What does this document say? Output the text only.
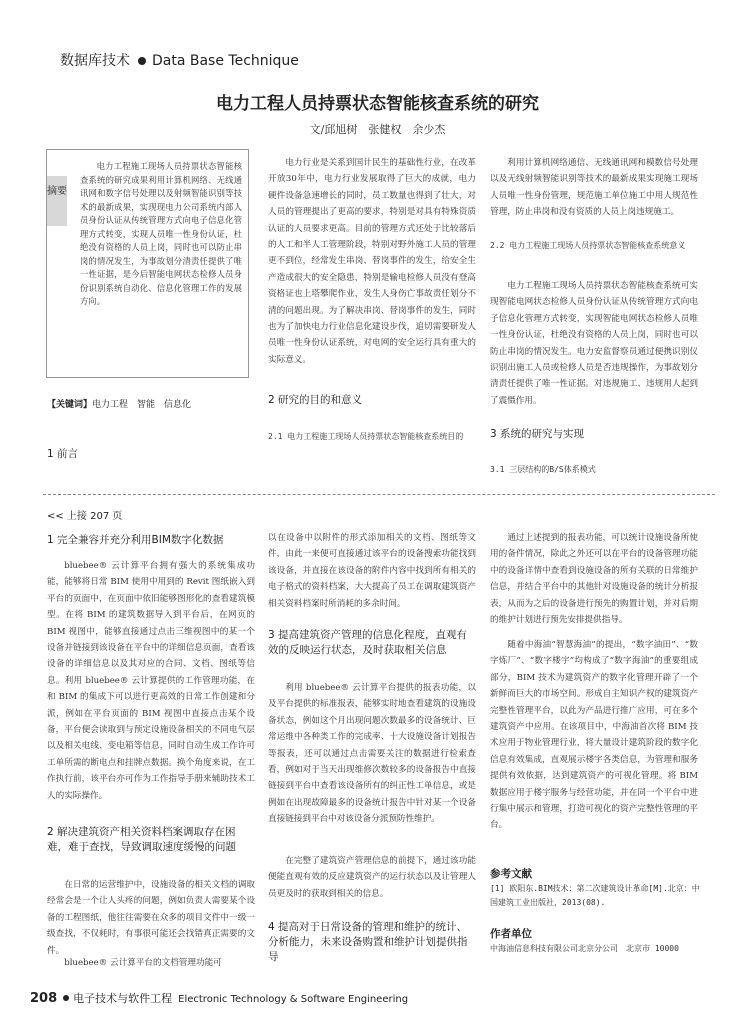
数据库技术 Data Base Technique
电力工程人员持票状态智能核查系统的研究
文/邱旭树　张健权　余少杰
摘要
电力工程施工现场人员持票状态智能核查系统的研究成果利用计算机网络、无线通讯网和数字信号处理以及射频智能识别等技术的最新成果，实现现电力公司系统内部人员身份认证从传统管理方式向电子信息化管理方式转变，实现人员唯一性身份认证，杜绝没有资格的人员上岗，同时也可以防止串岗的情况发生，为事故划分清责任提供了唯一性证据，是今后智能电网状态检修人员身份识别系统自动化、信息化管理工作的发展方向。
【关键词】电力工程　智能　信息化
1 前言
电力行业是关系到国计民生的基础性行业，在改革开放30年中，电力行业发展取得了巨大的成就，电力硬件设备急速增长的同时，员工数量也得到了壮大，对人员的管理提出了更高的要求，特别是对具有特殊资质认证的人员要求更高。目前的管理方式还处于比较落后的人工和半人工管理阶段，特别对野外施工人员的管理更不到位，经常发生串岗、替岗事件的发生，给安全生产造成很大的安全隐患，特别是输电检修人员没有登高资格证也上塔攀爬作业，发生人身伤亡事故责任划分不清的问题出现。为了解决串岗、替岗事件的发生，同时也为了加快电力行业信息化建设步伐，追切需要研发人员唯一性身份认证系统，对电网的安全运行具有重大的实际意义。
2 研究的目的和意义
2.1 电力工程施工现场人员持票状态智能核查系统目的
利用计算机网络通信、无线通讯网和模数信号处理以及无线射频智能识别等技术的最新成果实现施工现场人员唯一性身份管理，规范施工单位施工中用人规范性管理，防止串岗和没有资质的人员上岗违规施工。
2.2 电力工程施工现场人员持票状态智能核查系统意义
电力工程施工现场人员持票状态智能核查系统可实现智能电网状态检修人员身份认证从传统管理方式向电子信息化管理方式转变，实现智能电网状态检修人员唯一性身份认证，杜绝没有资格的人员上岗，同时也可以防止串岗的情况发生。电力安监督察员通过便携识别仪识别出施工人员或检修人员是否违规操作，为事故划分清责任提供了唯一性证据。对违规施工、违规用人起到了震慑作用。
3 系统的研究与实现
3.1 三层结构的B/S体系模式
<< 上接 207 页
1 完全兼容并充分利用BIM数字化数据
bluebee® 云计算平台拥有强大的系统集成功能，能够将日常 BIM 使用中用到的 Revit 图纸嵌入到平台的页面中，在页面中依旧能够图形化的查看建筑模型。在将 BIM 的建筑数据导入到平台后，在网页的 BIM 视图中，能够直接通过点击三维视图中的某一个设备并链接到该设备在平台中的详细信息页面，查看该设备的详细信息以及其对应的合同、文档、图纸等信息。利用 bluebee® 云计算提供的工作管理功能，在和 BIM 的集成下可以进行更高效的日常工作创建和分派，例如在平台页面的 BIM 视图中直接点击某个设备，平台便会读取到与预定设施设备相关的不同电气层以及相关电线、变电箱等信息，同时自动生成工作许可工单所需的断电点和挂牌点数据。换个角度来说，在工作执行前，该平台亦可作为工作指导手册来辅助技术工人的实际操作。
2 解决建筑资产相关资料档案调取存在困难，难于查找，导致调取速度缓慢的问题
在日常的运营维护中，设施设备的相关文档的调取经常会是一个让人头疼的问题，例如负责人需要某个设备的工程图纸，他往往需要在众多的项目文件中一级一级查找，不仅耗时，有事很可能还会找错真正需要的文件。
bluebee® 云计算平台的文档管理功能可
以在设备中以附件的形式添加相关的文档、图纸等文件，由此一来便可直接通过该平台的设备搜索功能找到该设备，并直接在该设备的附件内容中找到所有相关的电子格式的资料档案，大大提高了员工在调取建筑资产相关资料档案时所消耗的多余时间。
3 提高建筑资产管理的信息化程度，直观有效的反映运行状态，及时获取相关信息
利用 bluebee® 云计算平台提供的报表功能，以及平台提供的标准报表，能够实时地查看建筑的设施设备状态，例如这个月出现问题次数最多的设备统计、巨常运维中各种类工作的完成率、十大设施设备计划报告等报表，还可以通过点击需要关注的数据进行检索查看，例如对于当天出现维修次数较多的设备报告中直接链接到平台中查看该设备所有的纠正性工单信息，或是例如在出现故障最多的设备统计报告中针对某一个设备直接链接到平台中对该设备分派预防性维护。
在完整了建筑资产管理信息的前提下，通过该功能便能直观有效的反应建筑资产的运行状态以及让管理人员更及时的获取到相关的信息。
4 提高对于日常设备的管理和维护的统计、分析能力，未来设备购置和维护计划提供指导
通过上述提到的报表功能，可以统计设施设备所使用的备件情况，除此之外还可以在平台的设备管理功能中的设备详情中查看到设施设备的所有关联的日常维护信息，并结合平台中的其他针对设施设备的统计分析报表，从而为之后的设备进行预先的购置计划，并对后期的维护计划进行预先安排提供指导。
随着中海油“智慧海油”的提出，“数字油田”、“数字炼厂”、“数字楼宇”均构成了“数字海油”的重要组成部分，BIM 技术为建筑资产的数字化管理开辟了一个新鲜而巨大的市场空间。形成自主知识产权的建筑资产完整性管理平台，以此为产品进行推广应用，可在多个建筑资产中应用。在该项目中，中海油首次将 BIM 技术应用于物业管理行业，将大量设计建筑阶段的数字化信息有效集成，直观展示楼宇各类信息，为管理和服务提供有效依据，达到建筑资产的可视化管理。将 BIM 数据应用于楼宇服务与经营功能，并在同一个平台中进行集中展示和管理，打造可视化的资产完整性管理的平台。
参考文献
[1] 欧阳东.BIM技术：第二次建筑设计革命[M].北京：中国建筑工业出版社，2013(08).
作者单位
中海油信息科技有限公司北京分公司　北京市 10000
208 电子技术与软件工程 Electronic Technology & Software Engineering
